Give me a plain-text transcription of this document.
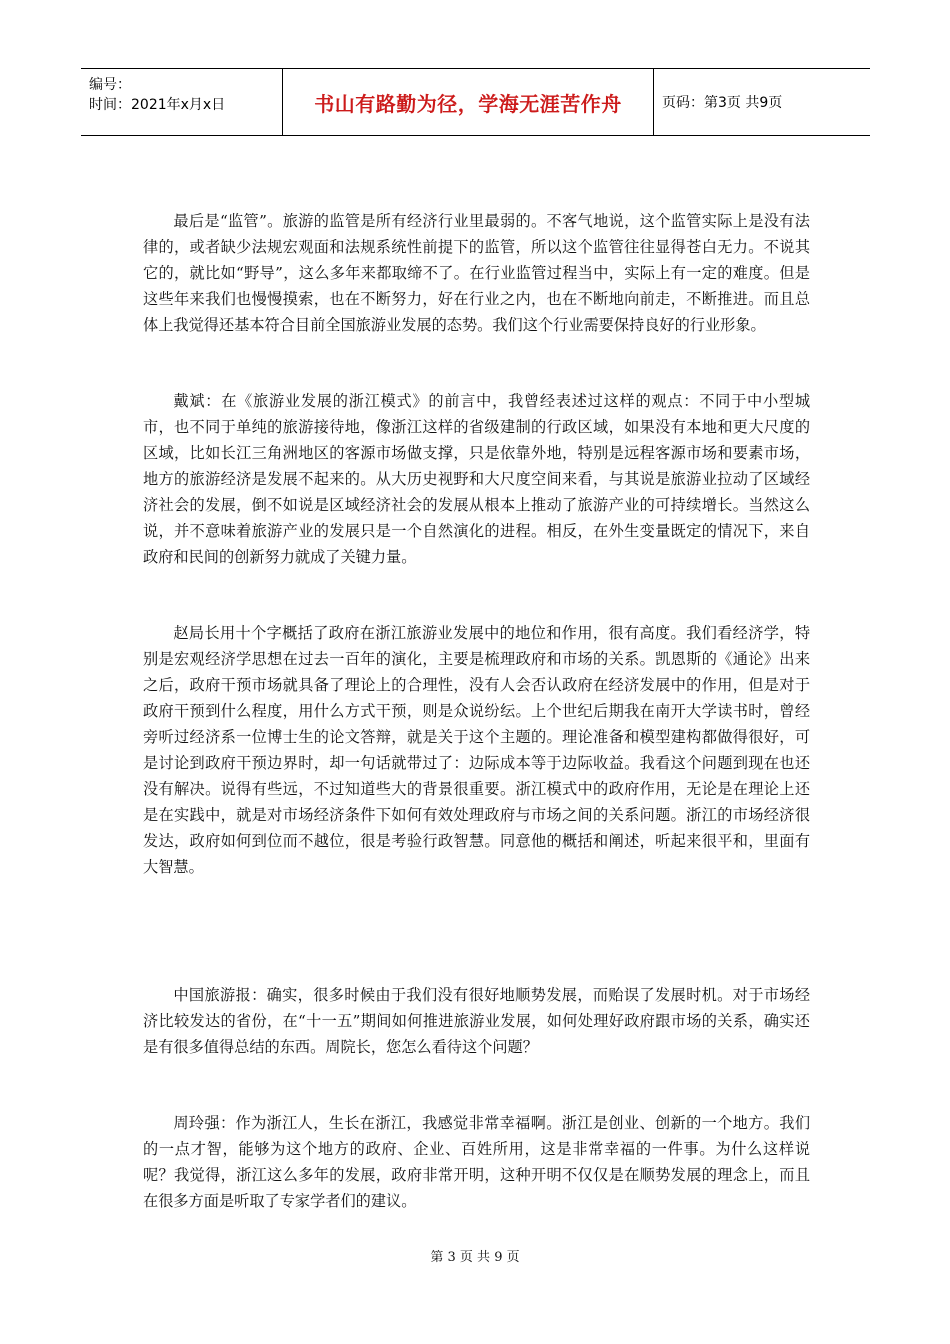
编号：
时间：2021年x月x日	书山有路勤为径，学海无涯苦作舟	页码：第3页 共9页

最后是“监管”。旅游的监管是所有经济行业里最弱的。不客气地说，这个监管实际上是没有法律的，或者缺少法规宏观面和法规系统性前提下的监管，所以这个监管往往显得苍白无力。不说其它的，就比如“野导”，这么多年来都取缔不了。在行业监管过程当中，实际上有一定的难度。但是这些年来我们也慢慢摸索，也在不断努力，好在行业之内，也在不断地向前走，不断推进。而且总体上我觉得还基本符合目前全国旅游业发展的态势。我们这个行业需要保持良好的行业形象。

戴斌：在《旅游业发展的浙江模式》的前言中，我曾经表述过这样的观点：不同于中小型城市，也不同于单纯的旅游接待地，像浙江这样的省级建制的行政区域，如果没有本地和更大尺度的区域，比如长江三角洲地区的客源市场做支撑，只是依靠外地，特别是远程客源市场和要素市场，地方的旅游经济是发展不起来的。从大历史视野和大尺度空间来看，与其说是旅游业拉动了区域经济社会的发展，倒不如说是区域经济社会的发展从根本上推动了旅游产业的可持续增长。当然这么说，并不意味着旅游产业的发展只是一个自然演化的进程。相反，在外生变量既定的情况下，来自政府和民间的创新努力就成了关键力量。

赵局长用十个字概括了政府在浙江旅游业发展中的地位和作用，很有高度。我们看经济学，特别是宏观经济学思想在过去一百年的演化，主要是梳理政府和市场的关系。凯恩斯的《通论》出来之后，政府干预市场就具备了理论上的合理性，没有人会否认政府在经济发展中的作用，但是对于政府干预到什么程度，用什么方式干预，则是众说纷纭。上个世纪后期我在南开大学读书时，曾经旁听过经济系一位博士生的论文答辩，就是关于这个主题的。理论准备和模型建构都做得很好，可是讨论到政府干预边界时，却一句话就带过了：边际成本等于边际收益。我看这个问题到现在也还没有解决。说得有些远，不过知道些大的背景很重要。浙江模式中的政府作用，无论是在理论上还是在实践中，就是对市场经济条件下如何有效处理政府与市场之间的关系问题。浙江的市场经济很发达，政府如何到位而不越位，很是考验行政智慧。同意他的概括和阐述，听起来很平和，里面有大智慧。

中国旅游报：确实，很多时候由于我们没有很好地顺势发展，而贻误了发展时机。对于市场经济比较发达的省份，在“十一五”期间如何推进旅游业发展，如何处理好政府跟市场的关系，确实还是有很多值得总结的东西。周院长，您怎么看待这个问题？

周玲强：作为浙江人，生长在浙江，我感觉非常幸福啊。浙江是创业、创新的一个地方。我们的一点才智，能够为这个地方的政府、企业、百姓所用，这是非常幸福的一件事。为什么这样说呢？我觉得，浙江这么多年的发展，政府非常开明，这种开明不仅仅是在顺势发展的理念上，而且在很多方面是听取了专家学者们的建议。

第 3 页 共 9 页
